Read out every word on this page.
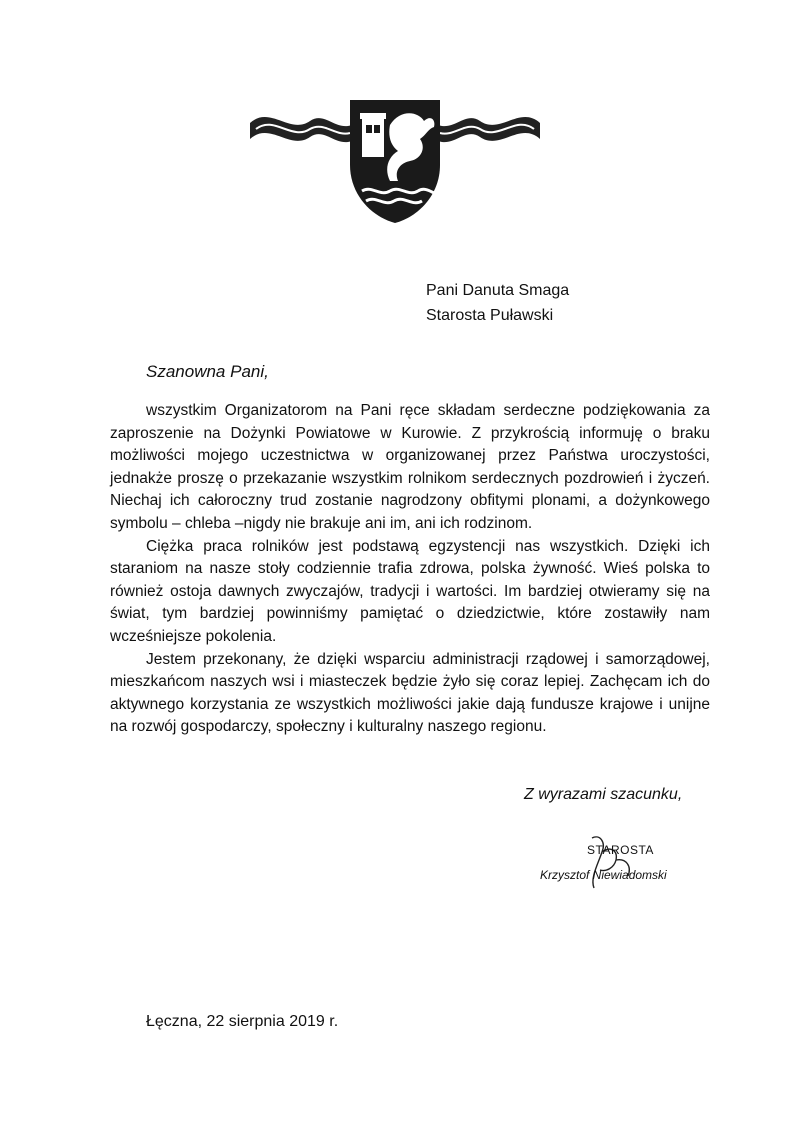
Pani Danuta Smaga
Starosta Puławski
Szanowna Pani,

wszystkim Organizatorom na Pani ręce składam serdeczne podziękowania za zaproszenie na Dożynki Powiatowe w Kurowie. Z przykrością informuję o braku możliwości mojego uczestnictwa w organizowanej przez Państwa uroczystości, jednakże proszę o przekazanie wszystkim rolnikom serdecznych pozdrowień i życzeń. Niechaj ich całoroczny trud zostanie nagrodzony obfitymi plonami, a dożynkowego symbolu – chleba –nigdy nie brakuje ani im, ani ich rodzinom.

Ciężka praca rolników jest podstawą egzystencji nas wszystkich. Dzięki ich staraniom na nasze stoły codziennie trafia zdrowa, polska żywność. Wieś polska to również ostoja dawnych zwyczajów, tradycji i wartości. Im bardziej otwieramy się na świat, tym bardziej powinniśmy pamiętać o dziedzictwie, które zostawiły nam wcześniejsze pokolenia.

Jestem przekonany, że dzięki wsparciu administracji rządowej i samorządowej, mieszkańcom naszych wsi i miasteczek będzie żyło się coraz lepiej. Zachęcam ich do aktywnego korzystania ze wszystkich możliwości jakie dają fundusze krajowe i unijne na rozwój gospodarczy, społeczny i kulturalny naszego regionu.

Z wyrazami szacunku,
STAROSTA
Krzysztof Niewiadomski
Łęczna, 22 sierpnia 2019 r.
